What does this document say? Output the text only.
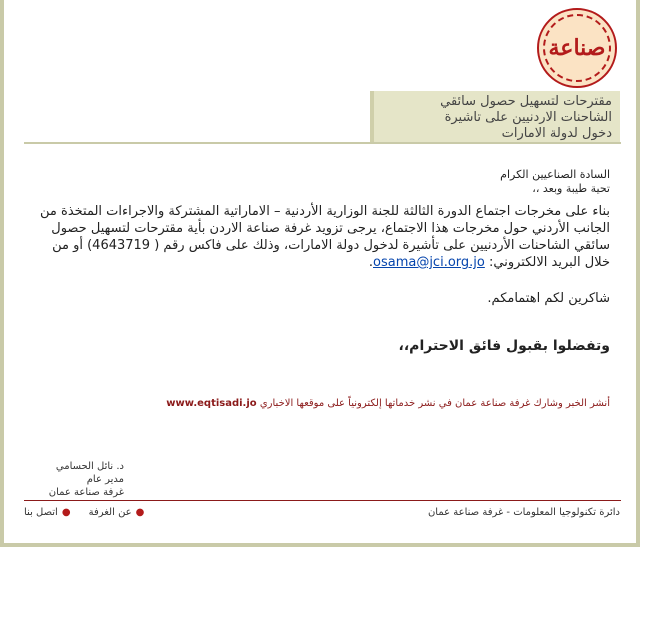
صناعة
مقترحات لتسهيل حصول سائقي
الشاحنات الاردنيين على تاشيرة
دخول لدولة الامارات
السادة الصناعيين الكرام
تحية طيبة وبعد ،،
بناء على مخرجات اجتماع الدورة الثالثة للجنة الوزارية الأردنية – الاماراتية المشتركة والاجراءات المتخذة من الجانب الأردني حول مخرجات هذا الاجتماع، يرجى تزويد غرفة صناعة الاردن بأية مقترحات لتسهيل حصول سائقي الشاحنات الأردنيين على تأشيرة لدخول دولة الامارات، وذلك على فاكس رقم ( 4643719) أو من خلال البريد الالكتروني: osama@jci.org.jo.
شاكرين لكم اهتمامكم.
وتفضلوا بقبول فائق الاحترام،،
أنشر الخبر وشارك غرفة صناعة عمان في نشر خدماتها إلكترونياً على موقعها الاخباري www.eqtisadi.jo
د. نائل الحسامي
مدير عام
غرفة صناعة عمان
دائرة تكنولوجيا المعلومات - غرفة صناعة عمان
●عن الغرفة
●اتصل بنا
